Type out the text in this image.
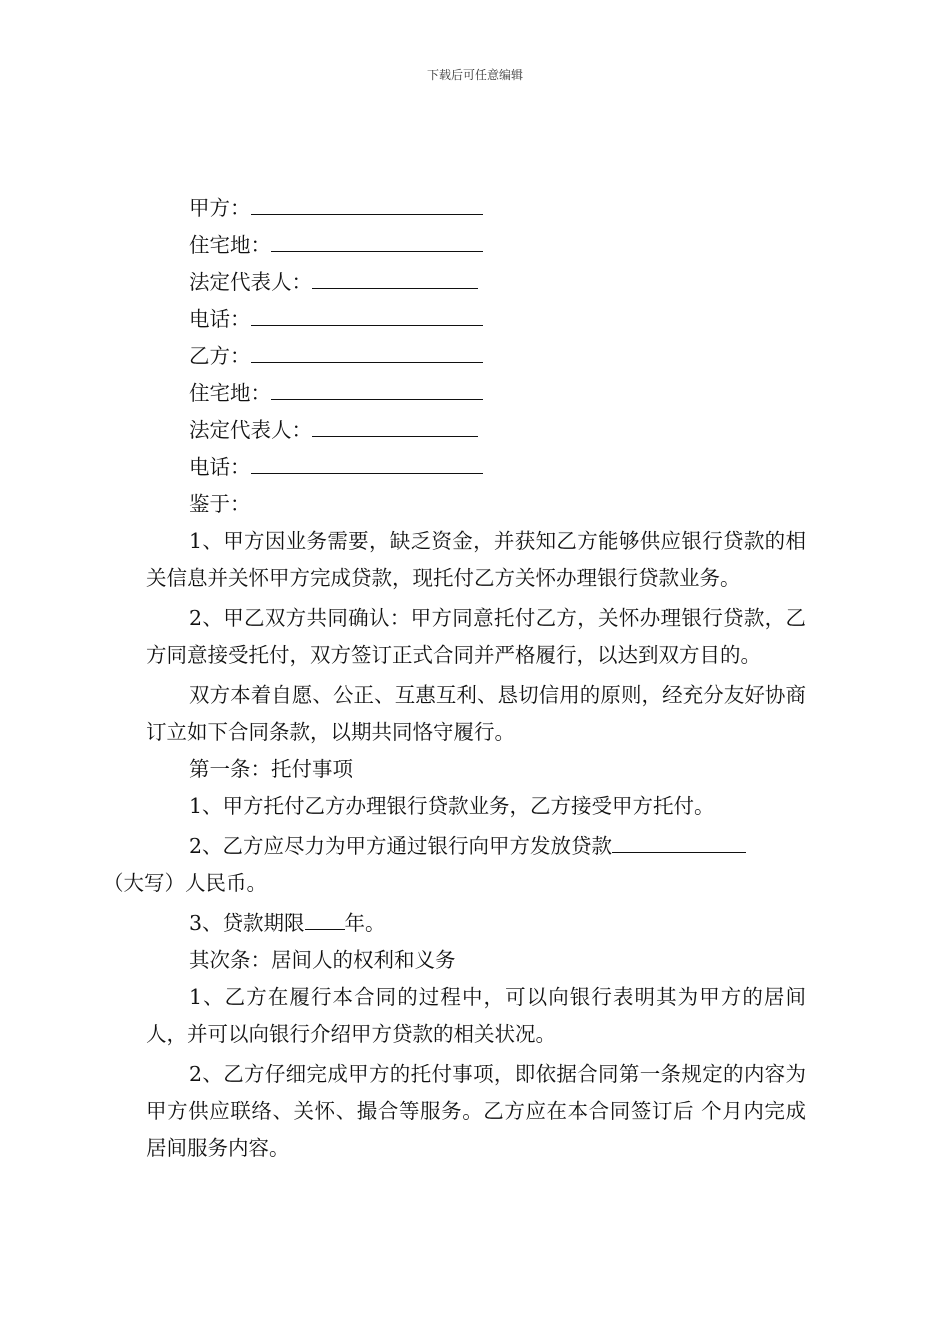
下载后可任意编辑
甲方：
住宅地：
法定代表人：
电话：
乙方：
住宅地：
法定代表人：
电话：

鉴于：

1、甲方因业务需要，缺乏资金，并获知乙方能够供应银行贷款的相关信息并关怀甲方完成贷款，现托付乙方关怀办理银行贷款业务。

2、甲乙双方共同确认：甲方同意托付乙方，关怀办理银行贷款，乙方同意接受托付，双方签订正式合同并严格履行，以达到双方目的。

双方本着自愿、公正、互惠互利、恳切信用的原则，经充分友好协商订立如下合同条款，以期共同恪守履行。

第一条：托付事项

1、甲方托付乙方办理银行贷款业务，乙方接受甲方托付。

2、乙方应尽力为甲方通过银行向甲方发放贷款
（大写）人民币。

3、贷款期限 年。

其次条：居间人的权利和义务

1、乙方在履行本合同的过程中，可以向银行表明其为甲方的居间人，并可以向银行介绍甲方贷款的相关状况。

2、乙方仔细完成甲方的托付事项，即依据合同第一条规定的内容为甲方供应联络、关怀、撮合等服务。乙方应在本合同签订后 个月内完成居间服务内容。
